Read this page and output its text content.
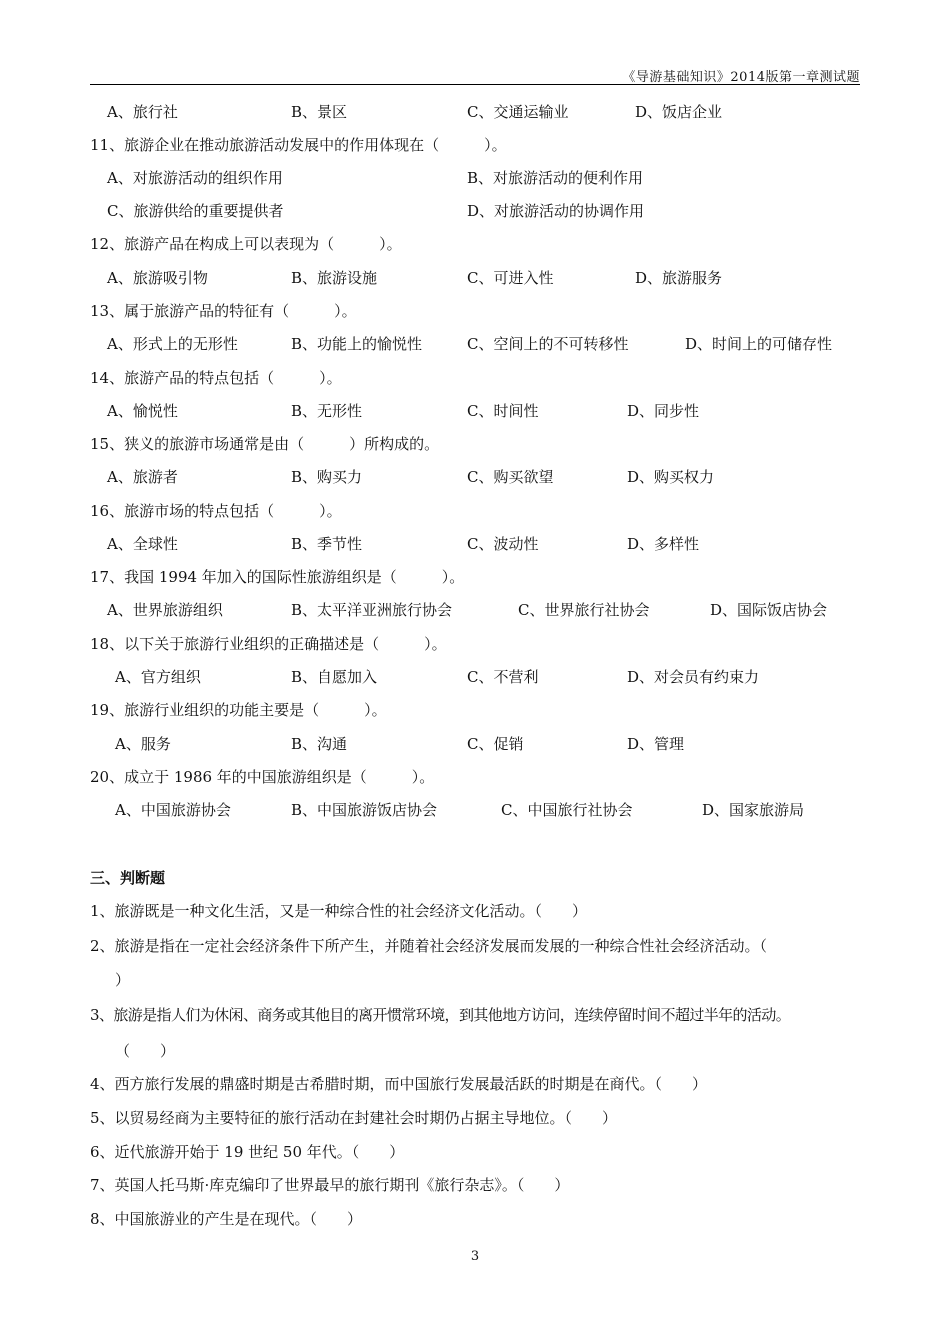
《导游基础知识》2014版第一章测试题
A、旅行社	B、景区	C、交通运输业	D、饭店企业
11、旅游企业在推动旅游活动发展中的作用体现在（　　　）。
A、对旅游活动的组织作用	B、对旅游活动的便利作用
C、旅游供给的重要提供者	D、对旅游活动的协调作用
12、旅游产品在构成上可以表现为（　　　）。
A、旅游吸引物	B、旅游设施	C、可进入性	D、旅游服务
13、属于旅游产品的特征有（　　　）。
A、形式上的无形性	B、功能上的愉悦性	C、空间上的不可转移性	D、时间上的可储存性
14、旅游产品的特点包括（　　　）。
A、愉悦性	B、无形性	C、时间性	D、同步性
15、狭义的旅游市场通常是由（　　　）所构成的。
A、旅游者	B、购买力	C、购买欲望	D、购买权力
16、旅游市场的特点包括（　　　）。
A、全球性	B、季节性	C、波动性	D、多样性
17、我国 1994 年加入的国际性旅游组织是（　　　）。
A、世界旅游组织	B、太平洋亚洲旅行协会	C、世界旅行社协会	D、国际饭店协会
18、以下关于旅游行业组织的正确描述是（　　　）。
A、官方组织	B、自愿加入	C、不营利	D、对会员有约束力
19、旅游行业组织的功能主要是（　　　）。
A、服务	B、沟通	C、促销	D、管理
20、成立于 1986 年的中国旅游组织是（　　　）。
A、中国旅游协会	B、中国旅游饭店协会	C、中国旅行社协会	D、国家旅游局
三、判断题
1、旅游既是一种文化生活，又是一种综合性的社会经济文化活动。（　　）
2、旅游是指在一定社会经济条件下所产生，并随着社会经济发展而发展的一种综合性社会经济活动。（
）
3、旅游是指人们为休闲、商务或其他目的离开惯常环境，到其他地方访问，连续停留时间不超过半年的活动。
（　　）
4、西方旅行发展的鼎盛时期是古希腊时期，而中国旅行发展最活跃的时期是在商代。（　　）
5、以贸易经商为主要特征的旅行活动在封建社会时期仍占据主导地位。（　　）
6、近代旅游开始于 19 世纪 50 年代。（　　）
7、英国人托马斯·库克编印了世界最早的旅行期刊《旅行杂志》。（　　）
8、中国旅游业的产生是在现代。（　　）
3
